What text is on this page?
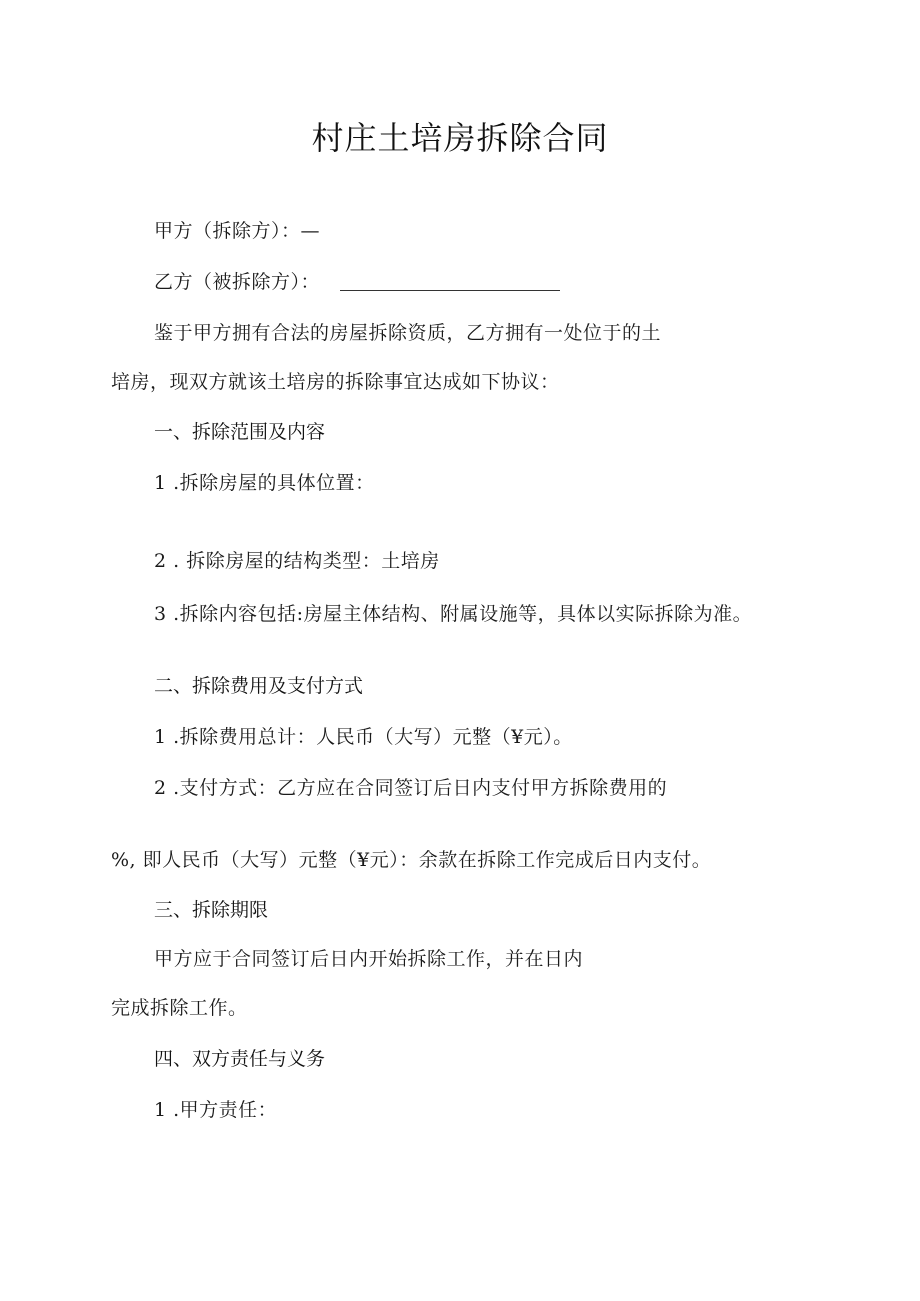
村庄土培房拆除合同
甲方（拆除方）：—
乙方（被拆除方）：
鉴于甲方拥有合法的房屋拆除资质，乙方拥有一处位于的土
培房，现双方就该土培房的拆除事宜达成如下协议：
一、拆除范围及内容
1 .拆除房屋的具体位置：
2 . 拆除房屋的结构类型：土培房
3 .拆除内容包括:房屋主体结构、附属设施等，具体以实际拆除为准。
二、拆除费用及支付方式
1 .拆除费用总计：人民币（大写）元整（¥元）。
2 .支付方式：乙方应在合同签订后日内支付甲方拆除费用的
%, 即人民币（大写）元整（¥元）：余款在拆除工作完成后日内支付。
三、拆除期限
甲方应于合同签订后日内开始拆除工作，并在日内
完成拆除工作。
四、双方责任与义务
1 .甲方责任：
